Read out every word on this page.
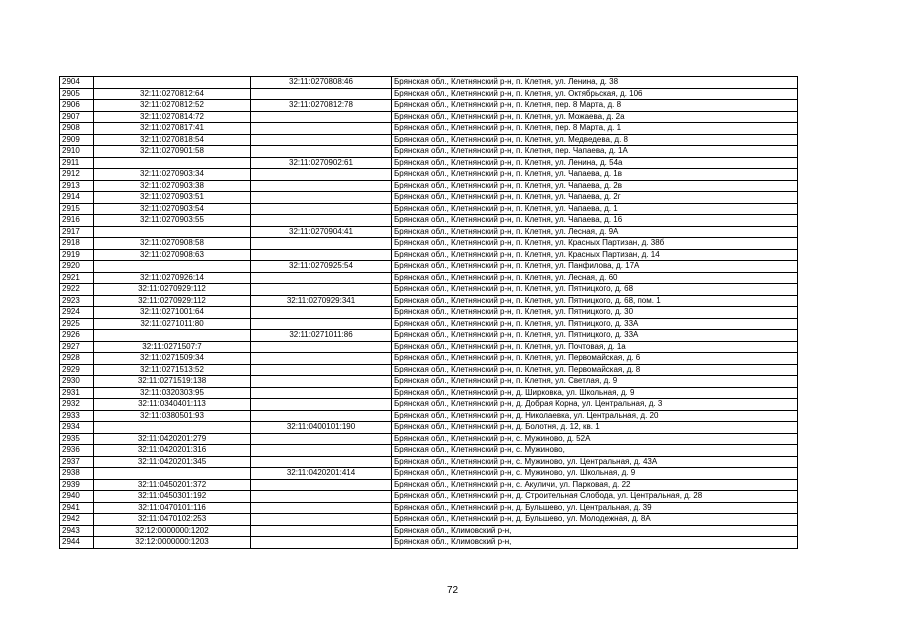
2904		32:11:0270808:46	Брянская обл., Клетнянский р-н, п. Клетня, ул. Ленина, д. 38
2905	32:11:0270812:64		Брянская обл., Клетнянский р-н, п. Клетня, ул. Октябрьская, д. 106
2906	32:11:0270812:52	32:11:0270812:78	Брянская обл., Клетнянский р-н, п. Клетня, пер. 8 Марта, д. 8
2907	32:11:0270814:72		Брянская обл., Клетнянский р-н, п. Клетня, ул. Можаева, д. 2а
2908	32:11:0270817:41		Брянская обл., Клетнянский р-н, п. Клетня, пер. 8 Марта, д. 1
2909	32:11:0270818:54		Брянская обл., Клетнянский р-н, п. Клетня, ул. Медведева, д. 8
2910	32:11:0270901:58		Брянская обл., Клетнянский р-н, п. Клетня, пер. Чапаева, д. 1А
2911		32:11:0270902:61	Брянская обл., Клетнянский р-н, п. Клетня, ул. Ленина, д. 54а
2912	32:11:0270903:34		Брянская обл., Клетнянский р-н, п. Клетня, ул. Чапаева, д. 1в
2913	32:11:0270903:38		Брянская обл., Клетнянский р-н, п. Клетня, ул. Чапаева, д. 2в
2914	32:11:0270903:51		Брянская обл., Клетнянский р-н, п. Клетня, ул. Чапаева, д. 2г
2915	32:11:0270903:54		Брянская обл., Клетнянский р-н, п. Клетня, ул. Чапаева, д. 1
2916	32:11:0270903:55		Брянская обл., Клетнянский р-н, п. Клетня, ул. Чапаева, д. 16
2917		32:11:0270904:41	Брянская обл., Клетнянский р-н, п. Клетня, ул. Лесная, д. 9А
2918	32:11:0270908:58		Брянская обл., Клетнянский р-н, п. Клетня, ул. Красных Партизан, д. 38б
2919	32:11:0270908:63		Брянская обл., Клетнянский р-н, п. Клетня, ул. Красных Партизан, д. 14
2920		32:11:0270925:54	Брянская обл., Клетнянский р-н, п. Клетня, ул. Панфилова, д. 17А
2921	32:11:0270926:14		Брянская обл., Клетнянский р-н, п. Клетня, ул. Лесная, д. 60
2922	32:11:0270929:112		Брянская обл., Клетнянский р-н, п. Клетня, ул. Пятницкого, д. 68
2923	32:11:0270929:112	32:11:0270929:341	Брянская обл., Клетнянский р-н, п. Клетня, ул. Пятницкого, д. 68, пом. 1
2924	32:11:0271001:64		Брянская обл., Клетнянский р-н, п. Клетня, ул. Пятницкого, д. 30
2925	32:11:0271011:80		Брянская обл., Клетнянский р-н, п. Клетня, ул. Пятницкого, д. 33А
2926		32:11:0271011:86	Брянская обл., Клетнянский р-н, п. Клетня, ул. Пятницкого, д. 33А
2927	32:11:0271507:7		Брянская обл., Клетнянский р-н, п. Клетня, ул. Почтовая, д. 1а
2928	32:11:0271509:34		Брянская обл., Клетнянский р-н, п. Клетня, ул. Первомайская, д. 6
2929	32:11:0271513:52		Брянская обл., Клетнянский р-н, п. Клетня, ул. Первомайская, д. 8
2930	32:11:0271519:138		Брянская обл., Клетнянский р-н, п. Клетня, ул. Светлая, д. 9
2931	32:11:0320303:95		Брянская обл., Клетнянский р-н, д. Ширковка, ул. Школьная, д. 9
2932	32:11:0340401:113		Брянская обл., Клетнянский р-н, д. Добрая Корна, ул. Центральная, д. 3
2933	32:11:0380501:93		Брянская обл., Клетнянский р-н, д. Николаевка, ул. Центральная, д. 20
2934		32:11:0400101:190	Брянская обл., Клетнянский р-н, д. Болотня, д. 12, кв. 1
2935	32:11:0420201:279		Брянская обл., Клетнянский р-н, с. Мужиново, д. 52А
2936	32:11:0420201:316		Брянская обл., Клетнянский р-н, с. Мужиново,
2937	32:11:0420201:345		Брянская обл., Клетнянский р-н, с. Мужиново, ул. Центральная, д. 43А
2938		32:11:0420201:414	Брянская обл., Клетнянский р-н, с. Мужиново, ул. Школьная, д. 9
2939	32:11:0450201:372		Брянская обл., Клетнянский р-н, с. Акуличи, ул. Парковая, д. 22
2940	32:11:0450301:192		Брянская обл., Клетнянский р-н, д. Строительная Слобода, ул. Центральная, д. 28
2941	32:11:0470101:116		Брянская обл., Клетнянский р-н, д. Бульшево, ул. Центральная, д. 39
2942	32:11:0470102:253		Брянская обл., Клетнянский р-н, д. Бульшево, ул. Молодежная, д. 8А
2943	32:12:0000000:1202		Брянская обл., Климовский р-н,
2944	32:12:0000000:1203		Брянская обл., Климовский р-н,
72
